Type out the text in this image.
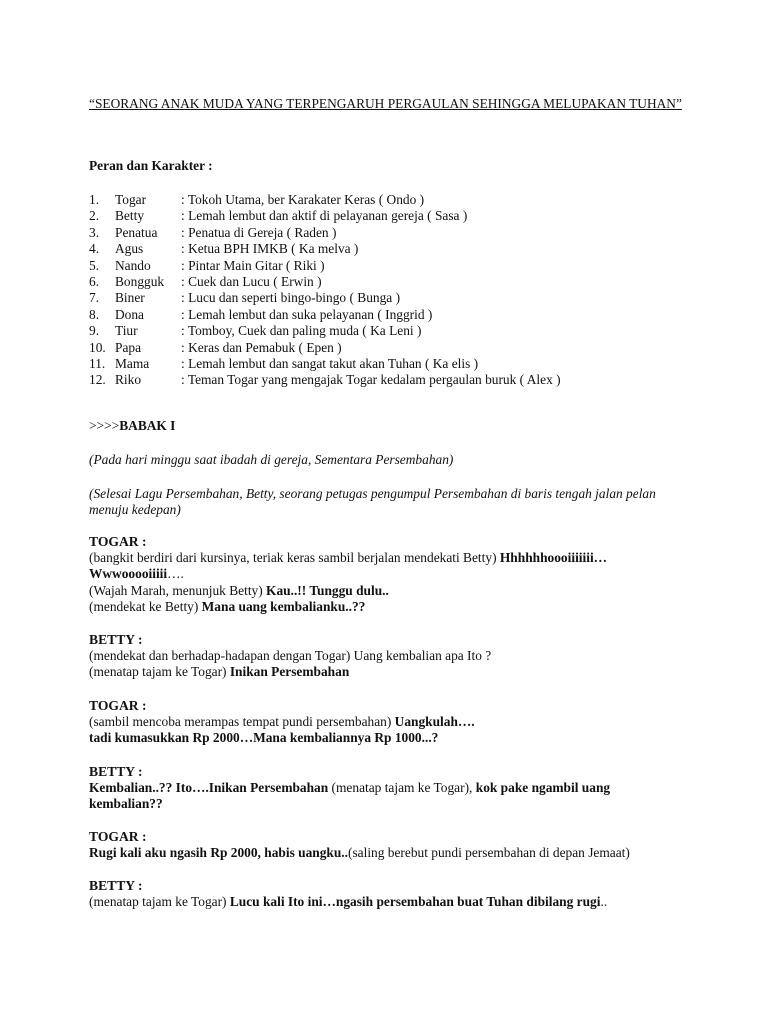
“SEORANG ANAK MUDA YANG TERPENGARUH PERGAULAN SEHINGGA MELUPAKAN TUHAN”
Peran dan Karakter :
1.	Togar	: Tokoh Utama, ber Karakater Keras ( Ondo )
2.	Betty	: Lemah lembut dan aktif di pelayanan gereja ( Sasa )
3.	Penatua	: Penatua di Gereja ( Raden )
4.	Agus	: Ketua BPH IMKB ( Ka melva )
5.	Nando	: Pintar Main Gitar ( Riki )
6.	Bongguk	: Cuek dan Lucu ( Erwin )
7.	Biner	: Lucu dan seperti bingo-bingo ( Bunga )
8.	Dona	: Lemah lembut dan suka pelayanan ( Inggrid )
9.	Tiur	: Tomboy, Cuek dan paling muda ( Ka Leni )
10. Papa	: Keras dan Pemabuk ( Epen )
11. Mama	: Lemah lembut dan sangat takut akan Tuhan ( Ka elis )
12. Riko	: Teman Togar yang mengajak Togar kedalam pergaulan buruk ( Alex )
>>>>BABAK I

(Pada hari minggu saat ibadah di gereja, Sementara Persembahan)

(Selesai Lagu Persembahan, Betty, seorang petugas pengumpul Persembahan di baris tengah jalan pelan menuju kedepan)

TOGAR :

(bangkit berdiri dari kursinya, teriak keras sambil berjalan mendekati Betty) Hhhhhhoooiiiiiii…

Wwwooooiiiii….

(Wajah Marah, menunjuk Betty) Kau..!! Tunggu dulu..

(mendekat ke Betty) Mana uang kembalianku..??

BETTY :

(mendekat dan berhadap-hadapan dengan Togar) Uang kembalian apa Ito ?

(menatap tajam ke Togar) Inikan Persembahan

TOGAR :

(sambil mencoba merampas tempat pundi persembahan) Uangkulah….

tadi kumasukkan Rp 2000…Mana kembaliannya Rp 1000...?

BETTY :

Kembalian..?? Ito….Inikan Persembahan (menatap tajam ke Togar), kok pake ngambil uang

kembalian??

TOGAR :

Rugi kali aku ngasih Rp 2000, habis uangku..(saling berebut pundi persembahan di depan Jemaat)

BETTY :

(menatap tajam ke Togar) Lucu kali Ito ini…ngasih persembahan buat Tuhan dibilang rugi..
